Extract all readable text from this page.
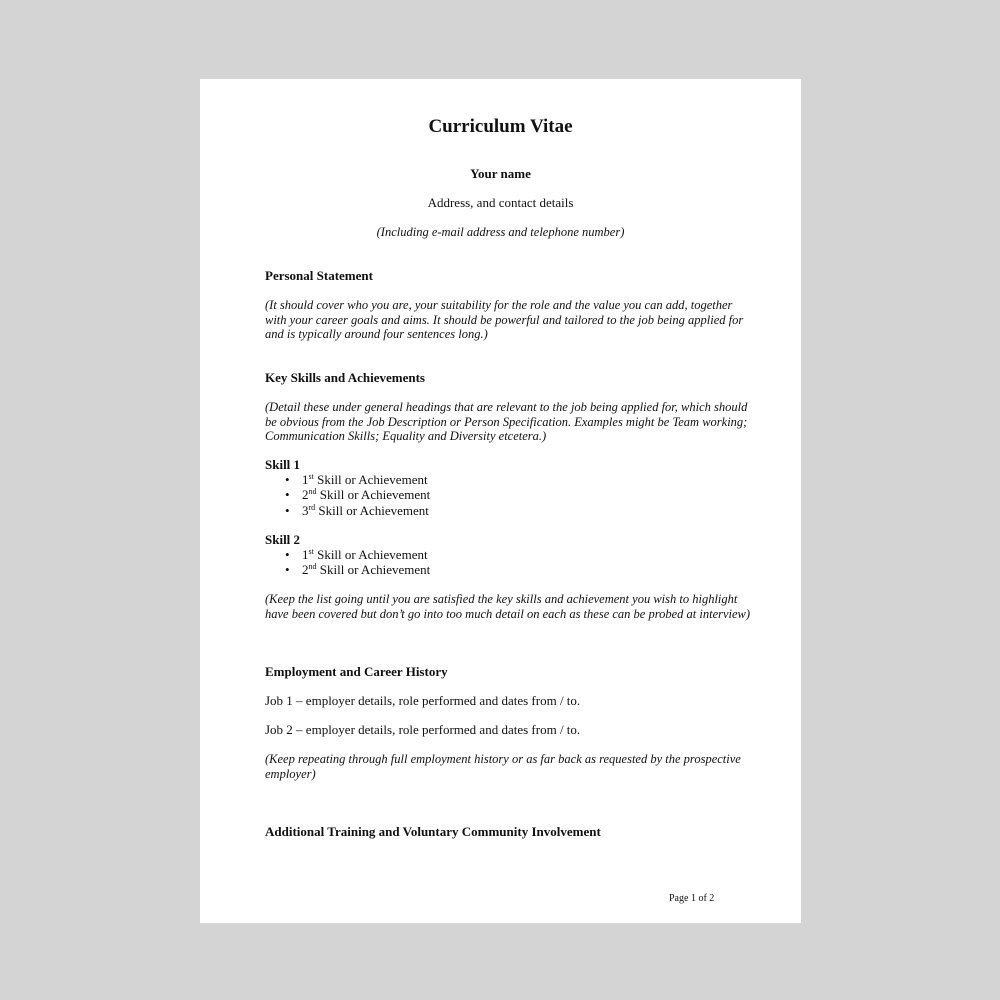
Curriculum Vitae
Your name
Address, and contact details
(Including e-mail address and telephone number)
Personal Statement
(It should cover who you are, your suitability for the role and the value you can add, together with your career goals and aims. It should be powerful and tailored to the job being applied for and is typically around four sentences long.)
Key Skills and Achievements
(Detail these under general headings that are relevant to the job being applied for, which should be obvious from the Job Description or Person Specification. Examples might be Team working; Communication Skills; Equality and Diversity etcetera.)
Skill 1
• 1st Skill or Achievement
• 2nd Skill or Achievement
• 3rd Skill or Achievement
Skill 2
• 1st Skill or Achievement
• 2nd Skill or Achievement
(Keep the list going until you are satisfied the key skills and achievement you wish to highlight have been covered but don’t go into too much detail on each as these can be probed at interview)
Employment and Career History
Job 1 – employer details, role performed and dates from / to.
Job 2 – employer details, role performed and dates from / to.
(Keep repeating through full employment history or as far back as requested by the prospective employer)
Additional Training and Voluntary Community Involvement
Page 1 of 2
